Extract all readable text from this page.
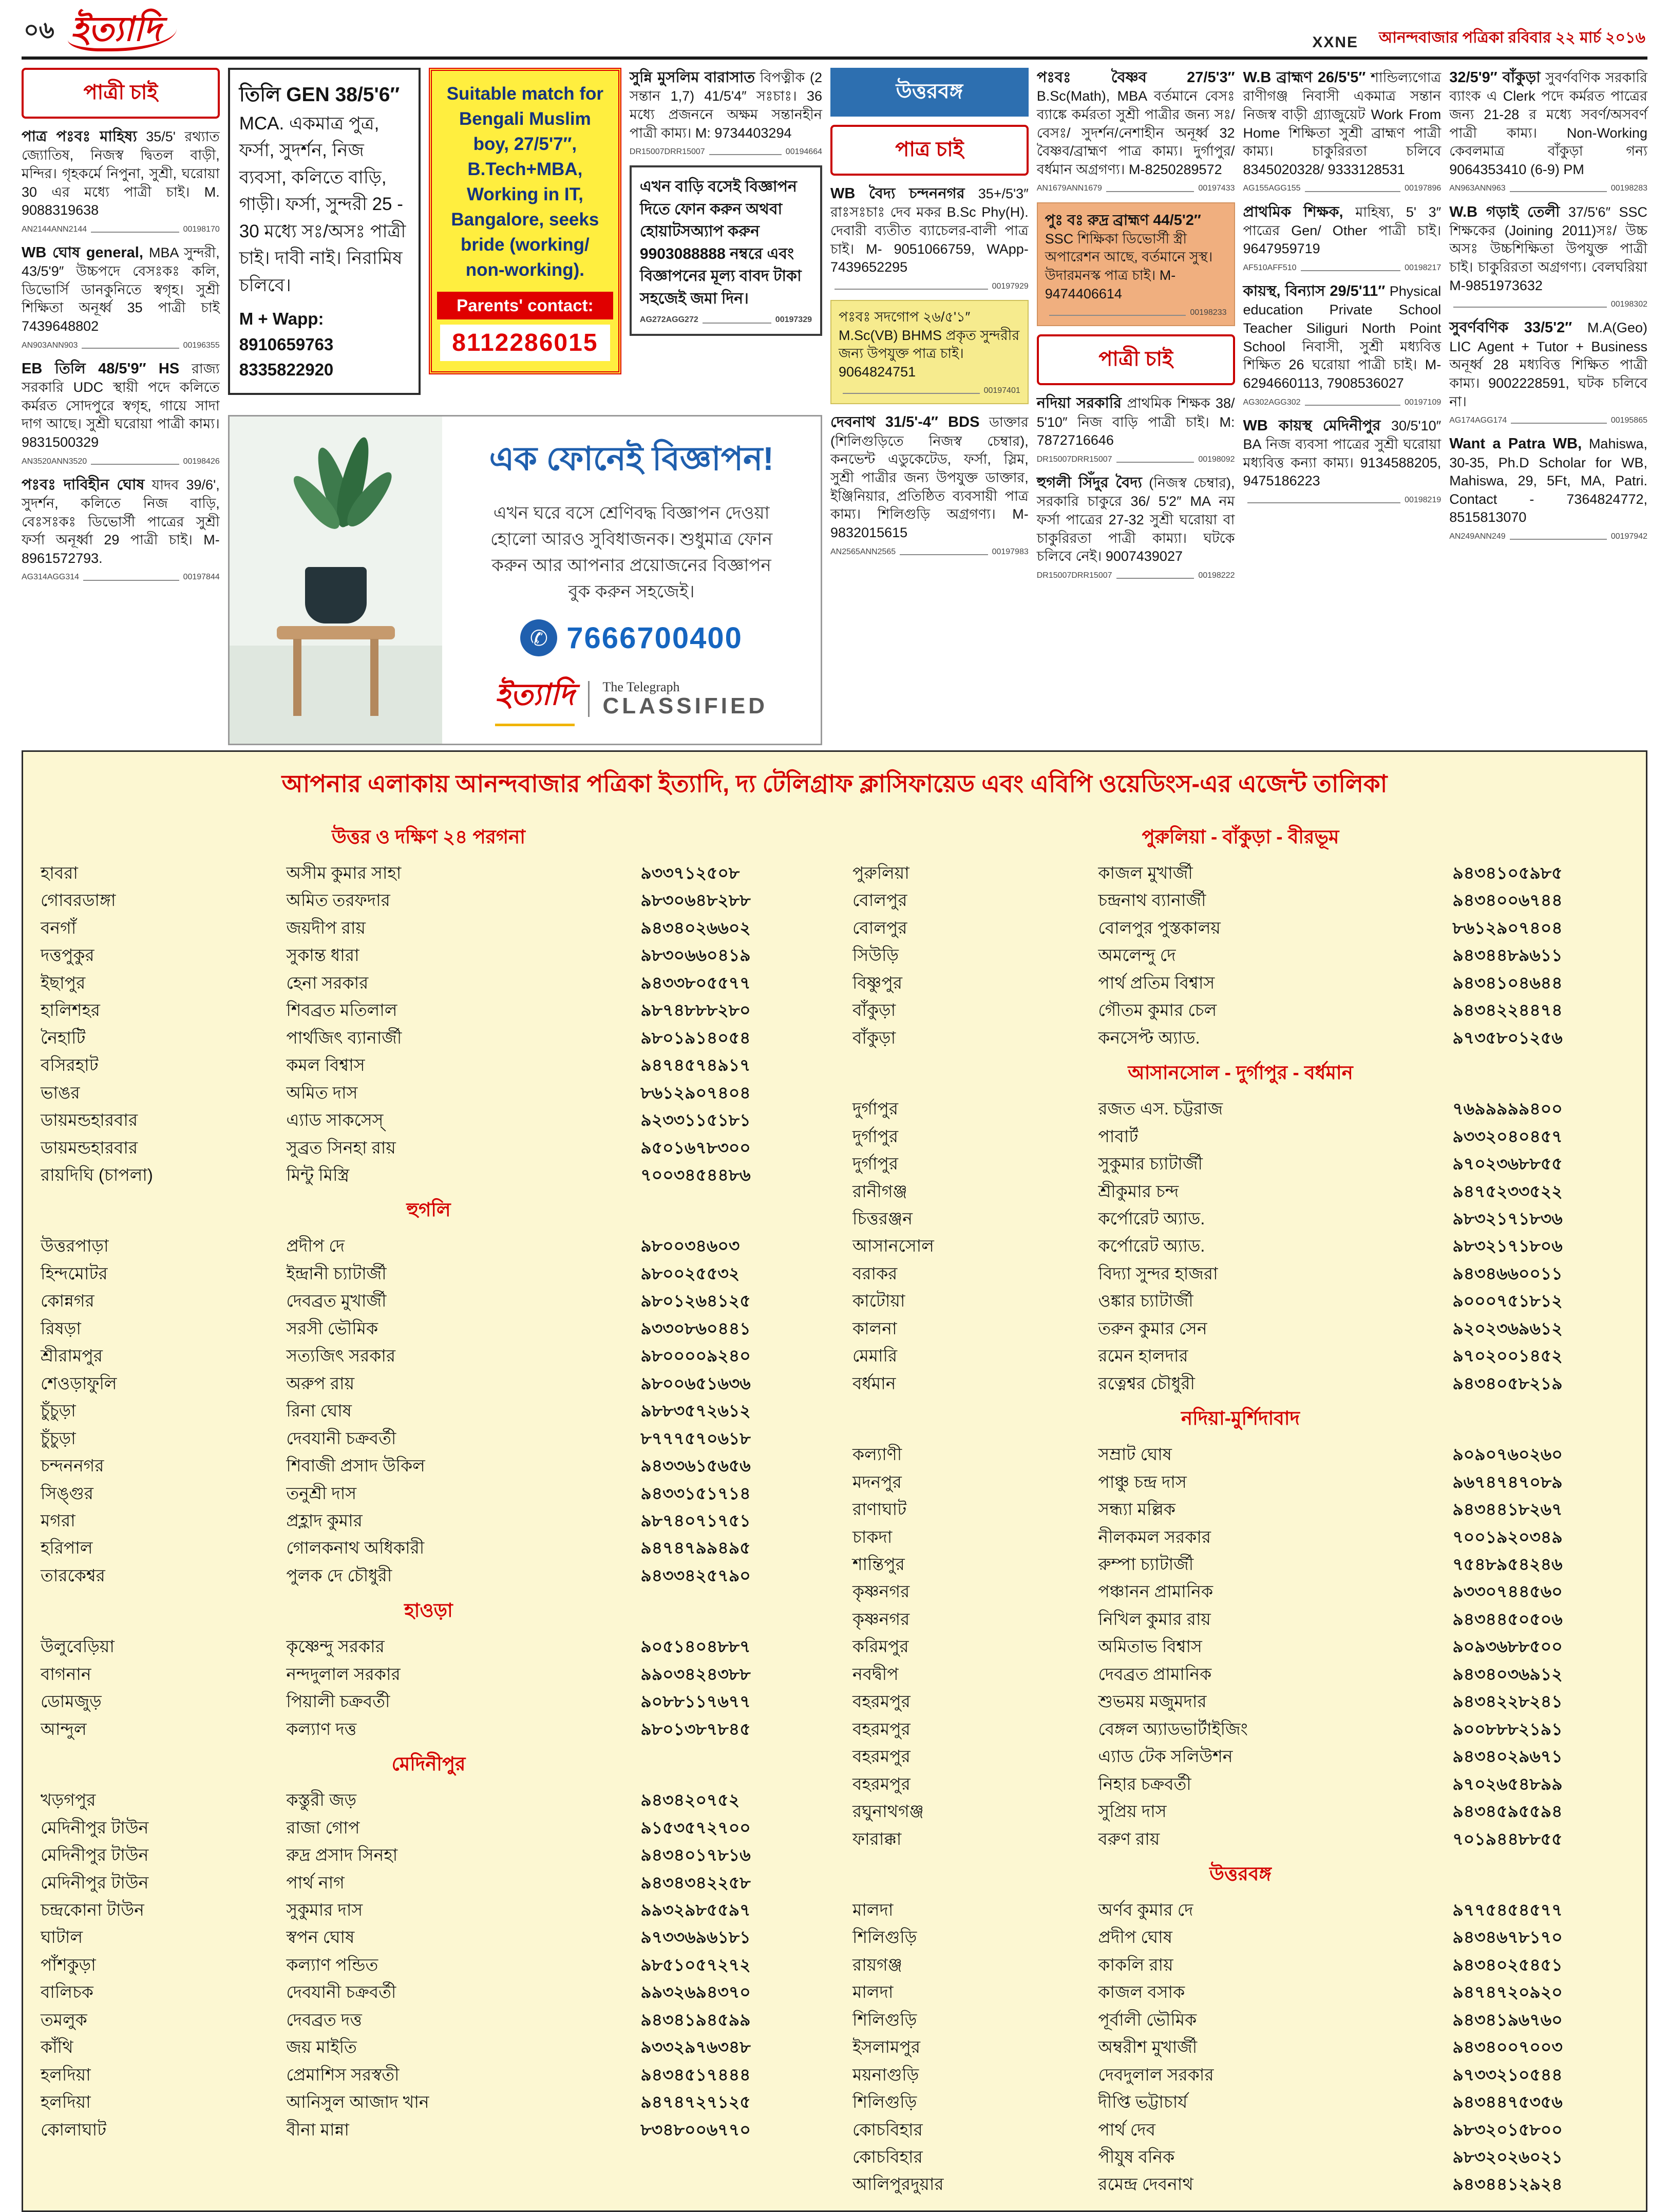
০৬ ইত্যাদি	XXNE আনন্দবাজার পত্রিকা রবিবার ২২ মার্চ ২০১৬
পাত্রী চাই
পাত্র পঃবঃ মাহিষ্য 35/5' রথ্যাত জ্যোতিষ, নিজস্ব দ্বিতল বাড়ী, মন্দির। গৃহকর্মে নিপুনা, সুশ্রী, ঘরোয়া 30 এর মধ্যে পাত্রী চাই। M. 9088319638
AN2144ANN2144	00198170
WB ঘোষ general, MBA সুন্দরী, 43/5'9″ উচ্চপদে বেসঃকঃ কলি, ডিভোর্সি ডানকুনিতে স্বগৃহ। সুশ্রী শিক্ষিতা অনূর্ধ্ব 35 পাত্রী চাই 7439648802
AN903ANN903	00196355
EB তিলি 48/5'9″ HS রাজ্য সরকারি UDC স্থায়ী পদে কলিতে কর্মরত সোদপুরে স্বগৃহ, গায়ে সাদা দাগ আছে। সুশ্রী ঘরোয়া পাত্রী কাম্য। 9831500329
AN3520ANN3520	00198426
পঃবঃ দাবিহীন ঘোষ যাদব 39/6', সুদর্শন, কলিতে নিজ বাড়ি, বেঃসঃকঃ ডিভোর্সী পাত্রের সুশ্রী ফর্সা অনূর্ধ্বা 29 পাত্রী চাই। M-8961572793.
AG314AGG314	00197844
তিলি GEN 38/5'6″ MCA. একমাত্র পুত্র, ফর্সা, সুদর্শন, নিজ ব্যবসা, কলিতে বাড়ি, গাড়ী। ফর্সা, সুন্দরী 25 - 30 মধ্যে সঃ/অসঃ পাত্রী চাই। দাবী নাই। নিরামিষ চলিবে।
M + Wapp: 8910659763 8335822920
Suitable match for Bengali Muslim boy, 27/5'7″, B.Tech+MBA, Working in IT, Bangalore, seeks bride (working/ non-working).
Parents' contact:
8112286015
সুন্নি মুসলিম বারাসাত বিপত্নীক (2 সন্তান 1,7) 41/5'4″ সঃচাঃ। 36 মধ্যে প্রজননে অক্ষম সন্তানহীন পাত্রী কাম্য। M: 9734403294
DR15007DRR15007	00194664
এখন বাড়ি বসেই বিজ্ঞাপন দিতে ফোন করুন অথবা হোয়াটসঅ্যাপ করুন 9903088888 নম্বরে এবং বিজ্ঞাপনের মূল্য বাবদ টাকা সহজেই জমা দিন।
AG272AGG272	00197329
এক ফোনেই বিজ্ঞাপন!
এখন ঘরে বসে শ্রেণিবদ্ধ বিজ্ঞাপন দেওয়া হোলো আরও সুবিধাজনক। শুধুমাত্র ফোন করুন আর আপনার প্রয়োজনের বিজ্ঞাপন বুক করুন সহজেই।
✆ 7666700400
ইত্যাদি The Telegraph
CLASSIFIED
উত্তরবঙ্গ
পাত্র চাই
WB বৈদ্য চন্দননগর 35+/5'3″ রাঃসঃচাঃ দেব মকর B.Sc Phy(H). দেবারী ব্যতীত ব্যাচেলর-বালী পাত্র চাই। M- 9051066759, WApp- 7439652295
00197929
পঃবঃ সদগোপ ২৬/৫'১″ M.Sc(VB) BHMS প্রকৃত সুন্দরীর জন্য উপযুক্ত পাত্র চাই। 9064824751
00197401
দেবনাথ 31/5'-4″ BDS ডাক্তার (শিলিগুড়িতে নিজস্ব চেম্বার), কনভেন্ট এডুকেটেড, ফর্সা, স্লিম, সুশ্রী পাত্রীর জন্য উপযুক্ত ডাক্তার, ইঞ্জিনিয়ার, প্রতিষ্ঠিত ব্যবসায়ী পাত্র কাম্য। শিলিগুড়ি অগ্রগণ্য। M-9832015615
AN2565ANN2565	00197983
পঃবঃ বৈষ্ণব 27/5'3″ B.Sc(Math), MBA বর্তমানে বেসঃ ব্যাঙ্কে কর্মরতা সুশ্রী পাত্রীর জন্য সঃ/বেসঃ/ সুদর্শন/নেশাহীন অনূর্ধ্ব 32 বৈষ্ণব/ব্রাহ্মণ পাত্র কাম্য। দুর্গাপুর/বর্ধমান অগ্রগণ্য। M-8250289572
AN1679ANN1679	00197433
পুঃ বঃ রুদ্র ব্রাহ্মণ 44/5'2″ SSC শিক্ষিকা ডিভোর্সী স্ত্রী অপারেশন আছে, বর্তমানে সুস্থ। উদারমনস্ক পাত্র চাই। M-9474406614
00198233
পাত্রী চাই
নদিয়া সরকারি প্রাথমিক শিক্ষক 38/ 5'10″ নিজ বাড়ি পাত্রী চাই। M: 7872716646
DR15007DRR15007	00198092
হুগলী সিঁদুর বৈদ্য (নিজস্ব চেম্বার), সরকারি চাকুরে 36/ 5'2″ MA নম ফর্সা পাত্রের 27-32 সুশ্রী ঘরোয়া বা চাকুরিরতা পাত্রী কাম্যা। ঘটকে চলিবে নেই। 9007439027
DR15007DRR15007	00198222
W.B ব্রাহ্মণ 26/5'5″ শান্ডিল্যগোত্র রাণীগঞ্জ নিবাসী একমাত্র সন্তান নিজস্ব বাড়ী গ্র্যাজুয়েট Work From Home শিক্ষিতা সুশ্রী ব্রাহ্মণ পাত্রী কাম্য। চাকুরিরতা চলিবে 8345020328/ 9333128531
AG155AGG155	00197896
প্রাথমিক শিক্ষক, মাহিষ্য, 5' 3″ পাত্রের Gen/ Other পাত্রী চাই। 9647959719
AF510AFF510	00198217
কায়স্থ, বিন্যাস 29/5'11″ Physical education Private School Teacher Siliguri North Point School নিবাসী, সুশ্রী মধ্যবিত্ত শিক্ষিত 26 ঘরোয়া পাত্রী চাই। M-6294660113, 7908536027
AG302AGG302	00197109
WB কায়স্থ মেদিনীপুর 30/5'10″ BA নিজ ব্যবসা পাত্রের সুশ্রী ঘরোয়া মধ্যবিত্ত কন্যা কাম্য। 9134588205, 9475186223
00198219
32/5'9″ বাঁকুড়া সুবর্ণবণিক সরকারি ব্যাংক এ Clerk পদে কর্মরত পাত্রের জন্য 21-28 র মধ্যে সবর্ণ/অসবর্ণ পাত্রী কাম্য। Non-Working কেবলমাত্র বাঁকুড়া গন্য 9064353410 (6-9) PM
AN963ANN963	00198283
W.B গড়াই তেলী 37/5'6″ SSC শিক্ষকের (Joining 2011)সঃ/ উচ্চ অসঃ উচ্চশিক্ষিতা উপযুক্ত পাত্রী চাই। চাকুরিরতা অগ্রগণ্য। বেলঘরিয়া M-9851973632
00198302
সুবর্ণবণিক 33/5'2″ M.A(Geo) LIC Agent + Tutor + Business অনূর্ধ্ব 28 মধ্যবিত্ত শিক্ষিত পাত্রী কাম্য। 9002228591, ঘটক চলিবে না।
AG174AGG174	00195865
Want a Patra WB, Mahiswa, 30-35, Ph.D Scholar for WB, Mahiswa, 29, 5Ft, MA, Patri. Contact - 7364824772, 8515813070
AN249ANN249	00197942
আপনার এলাকায় আনন্দবাজার পত্রিকা ইত্যাদি, দ্য টেলিগ্রাফ ক্লাসিফায়েড এবং এবিপি ওয়েডিংস-এর এজেন্ট তালিকা
উত্তর ও দক্ষিণ ২৪ পরগনা
হাবরা	অসীম কুমার সাহা	৯৩৩৭১২৫০৮
গোবরডাঙ্গা	অমিত তরফদার	৯৮৩০৬৪৮২৮৮
বনগাঁ	জয়দীপ রায়	৯৪৩৪০২৬৬০২
দত্তপুকুর	সুকান্ত ধারা	৯৮৩০৬৬০৪১৯
ইছাপুর	হেনা সরকার	৯৪৩৩৮০৫৫৭৭
হালিশহর	শিবব্রত মতিলাল	৯৮৭৪৮৮৮২৮০
নৈহাটি	পার্থজিৎ ব্যানার্জী	৯৮০১৯১৪০৫৪
বসিরহাট	কমল বিশ্বাস	৯৪৭৪৫৭৪৯১৭
ভাঙর	অমিত দাস	৮৬১২৯০৭৪০৪
ডায়মন্ডহারবার	এ্যাড সাকসেস্	৯২৩৩১১৫১৮১
ডায়মন্ডহারবার	সুব্রত সিনহা রায়	৯৫০১৬৭৮৩০০
রায়দিঘি (চাপলা)	মিন্টু মিস্ত্রি	৭০০৩৪৫৪৪৮৬
হুগলি
উত্তরপাড়া	প্রদীপ দে	৯৮০০৩৪৬০৩
হিন্দমোটর	ইন্দ্রানী চ্যাটার্জী	৯৮০০২৫৫৩২
কোন্নগর	দেবব্রত মুখার্জী	৯৮০১২৬৪১২৫
রিষড়া	সরসী ভৌমিক	৯৩৩০৮৬০৪৪১
শ্রীরামপুর	সত্যজিৎ সরকার	৯৮০০০০৯২৪০
শেওড়াফুলি	অরুপ রায়	৯৮০০৬৫১৬৩৬
চুঁচুড়া	রিনা ঘোষ	৯৮৮৩৫৭২৬১২
চুঁচুড়া	দেবযানী চক্রবর্তী	৮৭৭৭৫৭০৬১৮
চন্দননগর	শিবাজী প্রসাদ উকিল	৯৪৩৩৬১৫৬৫৬
সিঙ্গুর	তনুশ্রী দাস	৯৪৩৩১৫১৭১৪
মগরা	প্রহ্লাদ কুমার	৯৮৭৪০৭১৭৫১
হরিপাল	গোলকনাথ অধিকারী	৯৪৭৪৭৯৯৪৯৫
তারকেশ্বর	পুলক দে চৌধুরী	৯৪৩৩৪২৫৭৯০
হাওড়া
উলুবেড়িয়া	কৃষ্ণেন্দু সরকার	৯০৫১৪০৪৮৮৭
বাগনান	নন্দদুলাল সরকার	৯৯০৩৪২৪৩৮৮
ডোমজুড়	পিয়ালী চক্রবর্তী	৯০৮৮১১৭৬৭৭
আন্দুল	কল্যাণ দত্ত	৯৮০১৩৮৭৮৪৫
মেদিনীপুর
খড়গপুর	কস্তুরী জড়	৯৪৩৪২০৭৫২
মেদিনীপুর টাউন	রাজা গোপ	৯১৫৩৫৭২৭০০
মেদিনীপুর টাউন	রুদ্র প্রসাদ সিনহা	৯৪৩৪০১৭৮১৬
মেদিনীপুর টাউন	পার্থ নাগ	৯৪৩৪৩৪২২৫৮
চন্দ্রকোনা টাউন	সুকুমার দাস	৯৯৩২৯৮৫৫৯৭
ঘাটাল	স্বপন ঘোষ	৯৭৩৩৬৯৬১৮১
পাঁশকুড়া	কল্যাণ পন্ডিত	৯৮৫১০৫৭২৭২
বালিচক	দেবযানী চক্রবর্তী	৯৯৩২৬৯৪৩৭০
তমলুক	দেবব্রত দত্ত	৯৪৩৪১৯৪৫৯৯
কাঁথি	জয় মাইতি	৯৩৩২৯৭৬৩৪৮
হলদিয়া	প্রেমাশিস সরস্বতী	৯৪৩৪৫১৭৪৪৪
হলদিয়া	আনিসুল আজাদ খান	৯৪৭৪৭২৭১২৫
কোলাঘাট	বীনা মান্না	৮৩৪৮০০৬৭৭০
পুরুলিয়া - বাঁকুড়া - বীরভূম
পুরুলিয়া	কাজল মুখার্জী	৯৪৩৪১০৫৯৮৫
বোলপুর	চন্দ্রনাথ ব্যানার্জী	৯৪৩৪০০৬৭৪৪
বোলপুর	বোলপুর পুস্তকালয়	৮৬১২৯০৭৪০৪
সিউড়ি	অমলেন্দু দে	৯৪৩৪৪৮৯৬১১
বিষ্ণুপুর	পার্থ প্রতিম বিশ্বাস	৯৪৩৪১০৪৬৪৪
বাঁকুড়া	গৌতম কুমার চেল	৯৪৩৪২২৪৪৭৪
বাঁকুড়া	কনসেপ্ট অ্যাড.	৯৭৩৫৮০১২৫৬
আসানসোল - দুর্গাপুর - বর্ধমান
দুর্গাপুর	রজত এস. চট্টরাজ	৭৬৯৯৯৯৯৪০০
দুর্গাপুর	পাবার্ট	৯৩৩২০৪০৪৫৭
দুর্গাপুর	সুকুমার চ্যাটার্জী	৯৭০২৩৬৮৮৫৫
রানীগঞ্জ	শ্রীকুমার চন্দ	৯৪৭৫২৩৩৫২২
চিত্তরঞ্জন	কর্পোরেট অ্যাড.	৯৮৩২১৭১৮৩৬
আসানসোল	কর্পোরেট অ্যাড.	৯৮৩২১৭১৮০৬
বরাকর	বিদ্যা সুন্দর হাজরা	৯৪৩৪৬৬০০১১
কাটোয়া	ওঙ্কার চ্যাটার্জী	৯০০০৭৫১৮১২
কালনা	তরুন কুমার সেন	৯২০২৩৬৯৬১২
মেমারি	রমেন হালদার	৯৭০২০০১৪৫২
বর্ধমান	রত্নেশ্বর চৌধুরী	৯৪৩৪০৫৮২১৯
নদিয়া-মুর্শিদাবাদ
কল্যাণী	সম্রাট ঘোষ	৯০৯০৭৬০২৬০
মদনপুর	পাঞ্চু চন্দ্র দাস	৯৬৭৪৭৪৭০৮৯
রাণাঘাট	সন্ধ্যা মল্লিক	৯৪৩৪৪১৮২৬৭
চাকদা	নীলকমল সরকার	৭০০১৯২০৩৪৯
শান্তিপুর	রুম্পা চ্যাটার্জী	৭৫৪৮৯৫৪২৪৬
কৃষ্ণনগর	পঞ্চানন প্রামানিক	৯৩৩০৭৪৪৫৬০
কৃষ্ণনগর	নিখিল কুমার রায়	৯৪৩৪৪৫০৫০৬
করিমপুর	অমিতাভ বিশ্বাস	৯০৯৩৬৮৮৫০০
নবদ্বীপ	দেবব্রত প্রামানিক	৯৪৩৪০৩৬৯১২
বহরমপুর	শুভময় মজুমদার	৯৪৩৪২২৮২৪১
বহরমপুর	বেঙ্গল অ্যাডভার্টাইজিং	৯০০৮৮৮২১৯১
বহরমপুর	এ্যাড টেক সলিউশন	৯৪৩৪০২৯৬৭১
বহরমপুর	নিহার চক্রবর্তী	৯৭০২৬৫৪৮৯৯
রঘুনাথগঞ্জ	সুপ্রিয় দাস	৯৪৩৪৫৯৫৫৯৪
ফারাক্কা	বরুণ রায়	৭০১৯৪৪৮৮৫৫
উত্তরবঙ্গ
মালদা	অর্ণব কুমার দে	৯৭৭৫৪৫৪৫৭৭
শিলিগুড়ি	প্রদীপ ঘোষ	৯৪৩৪৬৭৮১৭০
রায়গঞ্জ	কাকলি রায়	৯৪৩৪০২৫৪৫১
মালদা	কাজল বসাক	৯৪৭৪৭২০৯২০
শিলিগুড়ি	পূর্বালী ভৌমিক	৯৪৩৪১৯৬৭৬০
ইসলামপুর	অম্বরীশ মুখার্জী	৯৪৩৪০০৭০০৩
ময়নাগুড়ি	দেবদুলাল সরকার	৯৭৩৩২১০৫৪৪
শিলিগুড়ি	দীপ্তি ভট্টাচার্য	৯৪৩৪৪৭৫৩৫৬
কোচবিহার	পার্থ দেব	৯৮৩২০১৫৮০০
কোচবিহার	পীযুষ বনিক	৯৮৩২০২৬০২১
আলিপুরদুয়ার	রমেন্দ্র দেবনাথ	৯৪৩৪৪১২৯২৪
